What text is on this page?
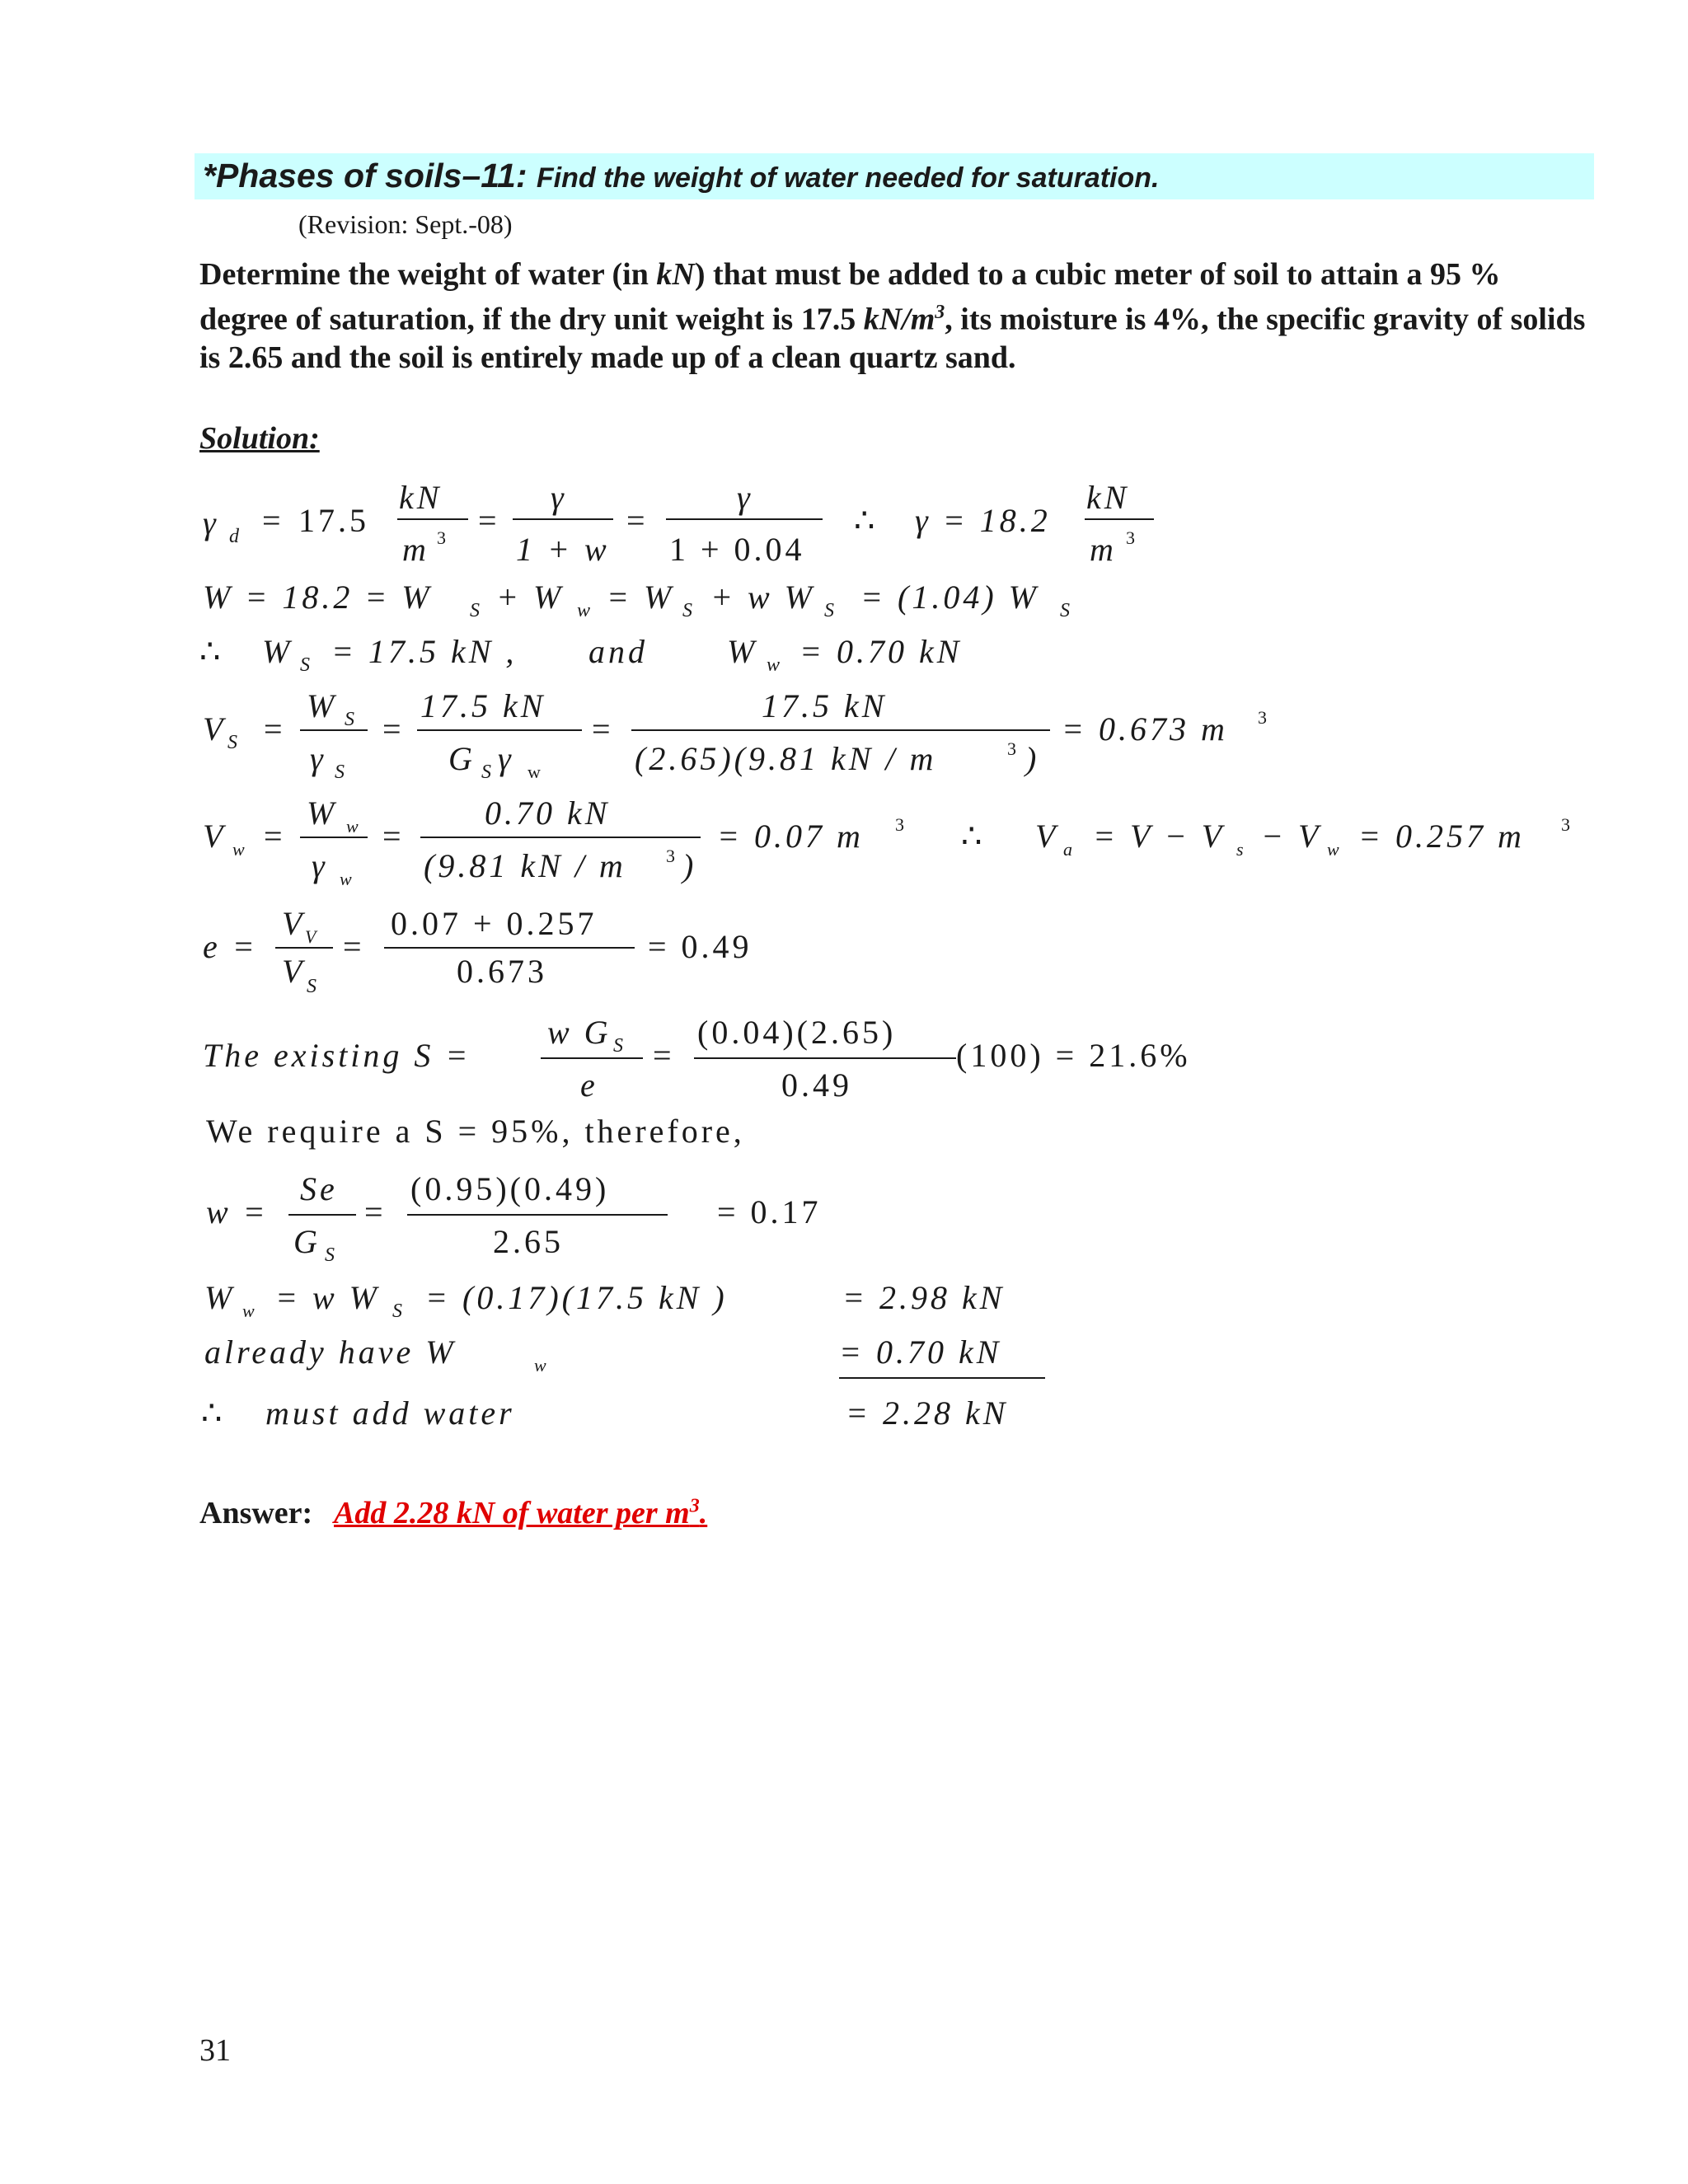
*Phases of soils–11: Find the weight of water needed for saturation.
(Revision: Sept.-08)
Determine the weight of water (in kN) that must be added to a cubic meter of soil to attain a 95 % degree of saturation, if the dry unit weight is 17.5 $kN/m^3$, its moisture is 4%, the specific gravity of solids is 2.65 and the soil is entirely made up of a clean quartz sand.
Solution:
γ d = 17.5
kN
m 3 =
γ
1 + w
=
γ
1 + 0.04
∴ γ = 18.2
kN
m 3
W = 18.2 = W S + W w = W S + w W S = (1.04) W S
∴ W S = 17.5 kN , and W w = 0.70 kN
V S =
W S
γ S
=
17.5 kN
G S γ w
=
17.5 kN
(2.65)(9.81 kN / m	3 )
= 0.673 m 3
V w =
W w
γ w
=
0.70 kN
(9.81 kN / m 3 )
= 0.07 m 3 ∴ V a = V − V s − V w = 0.257 m 3
e =
V V
V S
=
0.07 + 0.257
0.673
= 0.49
The existing S =
w G S
e
=
(0.04)(2.65)
0.49
(100) = 21.6%
We require a S = 95%, therefore,
w =
Se
G S
=
(0.95)(0.49)
2.65
= 0.17
W w = w W S = (0.17)(17.5 kN )	= 2.98 kN
already have W	w	= 0.70 kN
∴ must add water	= 2.28 kN
Answer: Add 2.28 kN of water per $m^3$.
31
